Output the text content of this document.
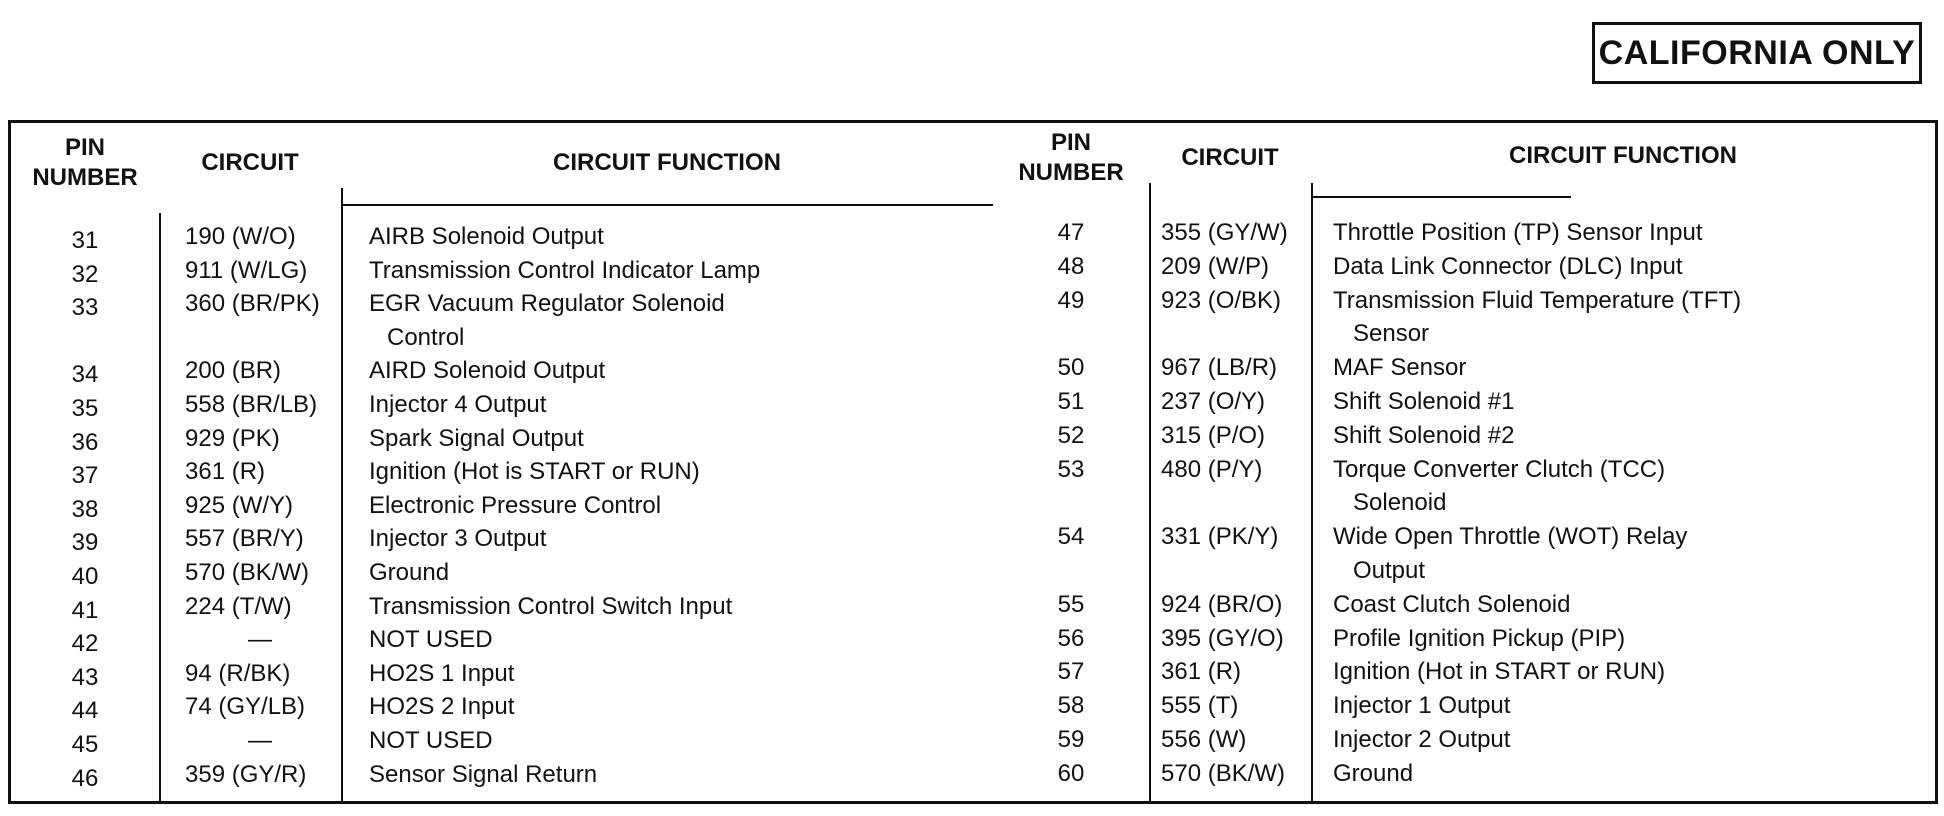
CALIFORNIA ONLY
PIN
NUMBER
CIRCUIT	CIRCUIT FUNCTION
PIN
NUMBER
CIRCUIT	CIRCUIT FUNCTION
31	190 (W/O)	AIRB Solenoid Output
32	911 (W/LG)	Transmission Control Indicator Lamp
33	360 (BR/PK)	EGR Vacuum Regulator Solenoid
Control
34	200 (BR)	AIRD Solenoid Output
35	558 (BR/LB)	Injector 4 Output
36	929 (PK)	Spark Signal Output
37	361 (R)	Ignition (Hot is START or RUN)
38	925 (W/Y)	Electronic Pressure Control
39	557 (BR/Y)	Injector 3 Output
40	570 (BK/W)	Ground
41	224 (T/W)	Transmission Control Switch Input
42	—	NOT USED
43	94 (R/BK)	HO2S 1 Input
44	74 (GY/LB)	HO2S 2 Input
45	—	NOT USED
46	359 (GY/R)	Sensor Signal Return
47	355 (GY/W)	Throttle Position (TP) Sensor Input
48	209 (W/P)	Data Link Connector (DLC) Input
49	923 (O/BK)	Transmission Fluid Temperature (TFT)
Sensor
50	967 (LB/R)	MAF Sensor
51	237 (O/Y)	Shift Solenoid #1
52	315 (P/O)	Shift Solenoid #2
53	480 (P/Y)	Torque Converter Clutch (TCC)
Solenoid
54	331 (PK/Y)	Wide Open Throttle (WOT) Relay
Output
55	924 (BR/O)	Coast Clutch Solenoid
56	395 (GY/O)	Profile Ignition Pickup (PIP)
57	361 (R)	Ignition (Hot in START or RUN)
58	555 (T)	Injector 1 Output
59	556 (W)	Injector 2 Output
60	570 (BK/W)	Ground
